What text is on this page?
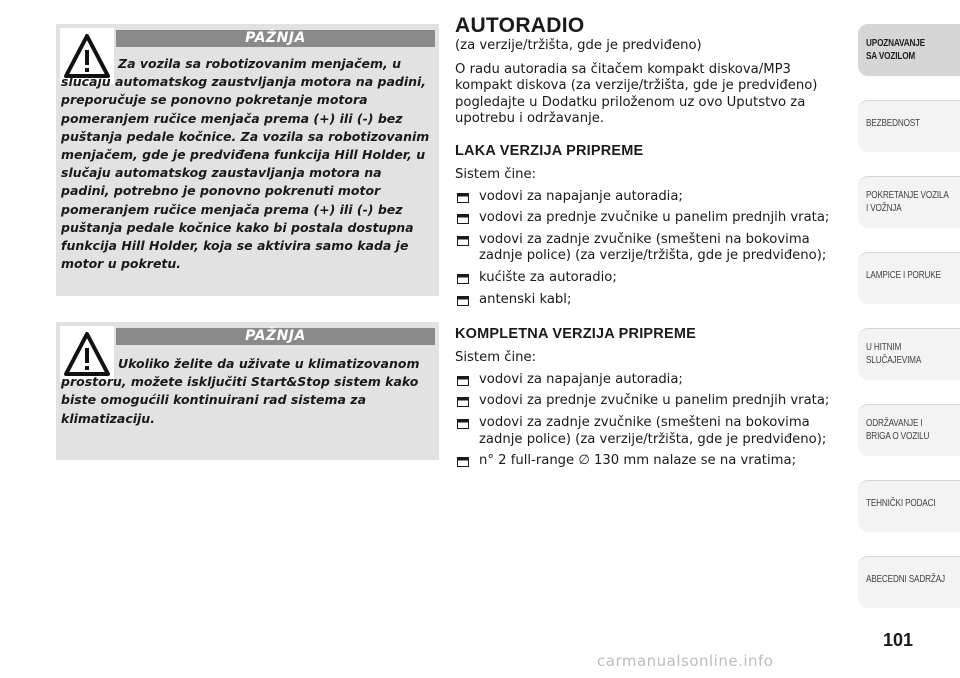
PAŽNJA

Za vozila sa robotizovanim menjačem, u slučaju automatskog zaustvljanja motora na padini, preporučuje se ponovno pokretanje motora pomeranjem ručice menjača prema (+) ili (-) bez puštanja pedale kočnice. Za vozila sa robotizovanim menjačem, gde je predviđena funkcija Hill Holder, u slučaju automatskog zaustavljanja motora na padini, potrebno je ponovno pokrenuti motor pomeranjem ručice menjača prema (+) ili (-) bez puštanja pedale kočnice kako bi postala dostupna funkcija Hill Holder, koja se aktivira samo kada je motor u pokretu.

PAŽNJA

Ukoliko želite da uživate u klimatizovanom prostoru, možete isključiti Start&Stop sistem kako biste omogućili kontinuirani rad sistema za klimatizaciju.

AUTORADIO

(za verzije/tržišta, gde je predviđeno)

O radu autoradia sa čitačem kompakt diskova/MP3 kompakt diskova (za verzije/tržišta, gde je predviđeno) pogledajte u Dodatku priloženom uz ovo Uputstvo za upotrebu i održavanje.

LAKA VERZIJA PRIPREME

Sistem čine:

vodovi za napajanje autoradia;
vodovi za prednje zvučnike u panelim prednjih vrata;
vodovi za zadnje zvučnike (smešteni na bokovima zadnje police) (za verzije/tržišta, gde je predviđeno);
kućište za autoradio;
antenski kabl;
KOMPLETNA VERZIJA PRIPREME

Sistem čine:

vodovi za napajanje autoradia;
vodovi za prednje zvučnike u panelim prednjih vrata;
vodovi za zadnje zvučnike (smešteni na bokovima zadnje police) (za verzije/tržišta, gde je predviđeno);
n° 2 full-range ∅ 130 mm nalaze se na vratima;
UPOZNAVANJE
SA VOZILOM
BEZBEDNOST
POKRETANJE VOZILA
I VOŽNJA
LAMPICE I PORUKE
U HITNIM
SLUČAJEVIMA
ODRŽAVANJE I
BRIGA O VOZILU
TEHNIČKI PODACI
ABECEDNI SADRŽAJ
101
carmanualsonline.info
